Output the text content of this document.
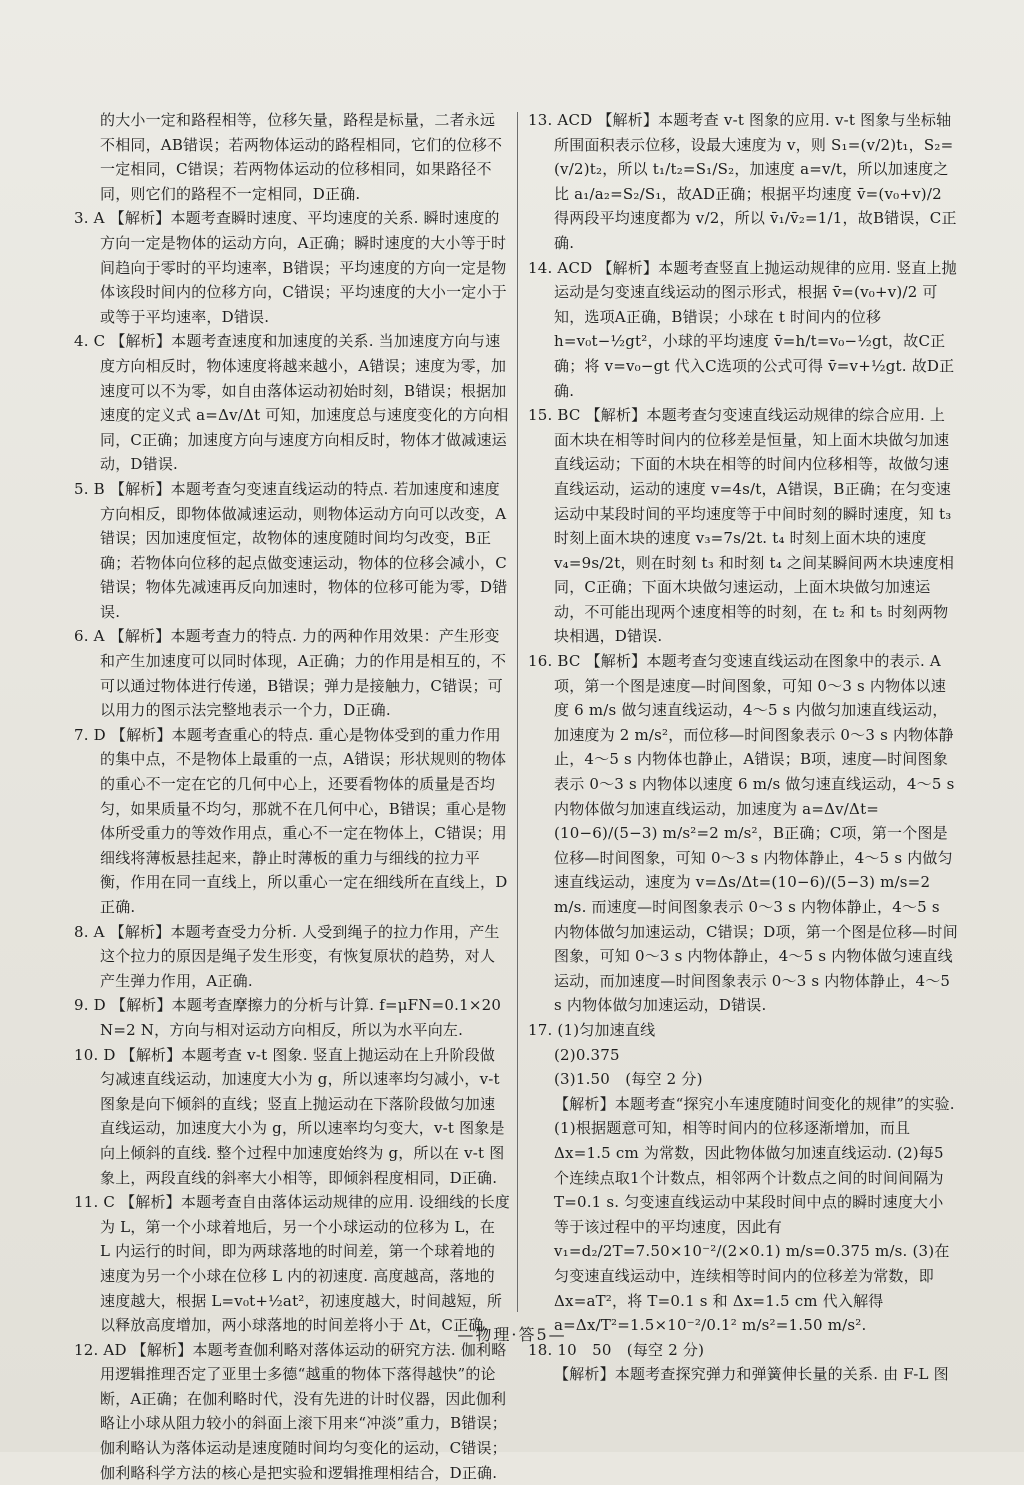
的大小一定和路程相等，位移矢量，路程是标量，二者永远不相同，AB错误；若两物体运动的路程相同，它们的位移不一定相同，C错误；若两物体运动的位移相同，如果路径不同，则它们的路程不一定相同，D正确.

3. A 【解析】本题考查瞬时速度、平均速度的关系. 瞬时速度的方向一定是物体的运动方向，A正确；瞬时速度的大小等于时间趋向于零时的平均速率，B错误；平均速度的方向一定是物体该段时间内的位移方向，C错误；平均速度的大小一定小于或等于平均速率，D错误.

4. C 【解析】本题考查速度和加速度的关系. 当加速度方向与速度方向相反时，物体速度将越来越小，A错误；速度为零，加速度可以不为零，如自由落体运动初始时刻，B错误；根据加速度的定义式 a=Δv/Δt 可知，加速度总与速度变化的方向相同，C正确；加速度方向与速度方向相反时，物体才做减速运动，D错误.

5. B 【解析】本题考查匀变速直线运动的特点. 若加速度和速度方向相反，即物体做减速运动，则物体运动方向可以改变，A错误；因加速度恒定，故物体的速度随时间均匀改变，B正确；若物体向位移的起点做变速运动，物体的位移会减小，C错误；物体先减速再反向加速时，物体的位移可能为零，D错误.

6. A 【解析】本题考查力的特点. 力的两种作用效果：产生形变和产生加速度可以同时体现，A正确；力的作用是相互的，不可以通过物体进行传递，B错误；弹力是接触力，C错误；可以用力的图示法完整地表示一个力，D正确.

7. D 【解析】本题考查重心的特点. 重心是物体受到的重力作用的集中点，不是物体上最重的一点，A错误；形状规则的物体的重心不一定在它的几何中心上，还要看物体的质量是否均匀，如果质量不均匀，那就不在几何中心，B错误；重心是物体所受重力的等效作用点，重心不一定在物体上，C错误；用细线将薄板悬挂起来，静止时薄板的重力与细线的拉力平衡，作用在同一直线上，所以重心一定在细线所在直线上，D正确.

8. A 【解析】本题考查受力分析. 人受到绳子的拉力作用，产生这个拉力的原因是绳子发生形变，有恢复原状的趋势，对人产生弹力作用，A正确.

9. D 【解析】本题考查摩擦力的分析与计算. f=μFN=0.1×20 N=2 N，方向与相对运动方向相反，所以为水平向左.

10. D 【解析】本题考查 v-t 图象. 竖直上抛运动在上升阶段做匀减速直线运动，加速度大小为 g，所以速率均匀减小，v-t 图象是向下倾斜的直线；竖直上抛运动在下落阶段做匀加速直线运动，加速度大小为 g，所以速率均匀变大，v-t 图象是向上倾斜的直线. 整个过程中加速度始终为 g，所以在 v-t 图象上，两段直线的斜率大小相等，即倾斜程度相同，D正确.

11. C 【解析】本题考查自由落体运动规律的应用. 设细线的长度为 L，第一个小球着地后，另一个小球运动的位移为 L，在 L 内运行的时间，即为两球落地的时间差，第一个球着地的速度为另一个小球在位移 L 内的初速度. 高度越高，落地的速度越大，根据 L=v₀t+½at²，初速度越大，时间越短，所以释放高度增加，两小球落地的时间差将小于 Δt，C正确.

12. AD 【解析】本题考查伽利略对落体运动的研究方法. 伽利略用逻辑推理否定了亚里士多德“越重的物体下落得越快”的论断，A正确；在伽利略时代，没有先进的计时仪器，因此伽利略让小球从阻力较小的斜面上滚下用来“冲淡”重力，B错误；伽利略认为落体运动是速度随时间均匀变化的运动，C错误；伽利略科学方法的核心是把实验和逻辑推理相结合，D正确.

13. ACD 【解析】本题考查 v-t 图象的应用. v-t 图象与坐标轴所围面积表示位移，设最大速度为 v，则 S₁=(v/2)t₁，S₂=(v/2)t₂，所以 t₁/t₂=S₁/S₂，加速度 a=v/t，所以加速度之比 a₁/a₂=S₂/S₁，故AD正确；根据平均速度 v̄=(v₀+v)/2 得两段平均速度都为 v/2，所以 v̄₁/v̄₂=1/1，故B错误，C正确.

14. ACD 【解析】本题考查竖直上抛运动规律的应用. 竖直上抛运动是匀变速直线运动的图示形式，根据 v̄=(v₀+v)/2 可知，选项A正确，B错误；小球在 t 时间内的位移 h=v₀t−½gt²，小球的平均速度 v̄=h/t=v₀−½gt，故C正确；将 v=v₀−gt 代入C选项的公式可得 v̄=v+½gt. 故D正确.

15. BC 【解析】本题考查匀变速直线运动规律的综合应用. 上面木块在相等时间内的位移差是恒量，知上面木块做匀加速直线运动；下面的木块在相等的时间内位移相等，故做匀速直线运动，运动的速度 v=4s/t，A错误，B正确；在匀变速运动中某段时间的平均速度等于中间时刻的瞬时速度，知 t₃ 时刻上面木块的速度 v₃=7s/2t. t₄ 时刻上面木块的速度 v₄=9s/2t，则在时刻 t₃ 和时刻 t₄ 之间某瞬间两木块速度相同，C正确；下面木块做匀速运动，上面木块做匀加速运动，不可能出现两个速度相等的时刻，在 t₂ 和 t₅ 时刻两物块相遇，D错误.

16. BC 【解析】本题考查匀变速直线运动在图象中的表示. A项，第一个图是速度—时间图象，可知 0～3 s 内物体以速度 6 m/s 做匀速直线运动，4～5 s 内做匀加速直线运动，加速度为 2 m/s²，而位移—时间图象表示 0～3 s 内物体静止，4～5 s 内物体也静止，A错误；B项，速度—时间图象表示 0～3 s 内物体以速度 6 m/s 做匀速直线运动，4～5 s 内物体做匀加速直线运动，加速度为 a=Δv/Δt=(10−6)/(5−3) m/s²=2 m/s²，B正确；C项，第一个图是位移—时间图象，可知 0～3 s 内物体静止，4～5 s 内做匀速直线运动，速度为 v=Δs/Δt=(10−6)/(5−3) m/s=2 m/s. 而速度—时间图象表示 0～3 s 内物体静止，4～5 s 内物体做匀加速运动，C错误；D项，第一个图是位移—时间图象，可知 0～3 s 内物体静止，4～5 s 内物体做匀速直线运动，而加速度—时间图象表示 0～3 s 内物体静止，4～5 s 内物体做匀加速运动，D错误.

17. (1)匀加速直线

(2)0.375

(3)1.50　(每空 2 分)

【解析】本题考查“探究小车速度随时间变化的规律”的实验. (1)根据题意可知，相等时间内的位移逐渐增加，而且 Δx=1.5 cm 为常数，因此物体做匀加速直线运动. (2)每5个连续点取1个计数点，相邻两个计数点之间的时间间隔为 T=0.1 s. 匀变速直线运动中某段时间中点的瞬时速度大小等于该过程中的平均速度，因此有 v₁=d₂/2T=7.50×10⁻²/(2×0.1) m/s=0.375 m/s. (3)在匀变速直线运动中，连续相等时间内的位移差为常数，即 Δx=aT²，将 T=0.1 s 和 Δx=1.5 cm 代入解得 a=Δx/T²=1.5×10⁻²/0.1² m/s²=1.50 m/s².

18. 10　50　(每空 2 分)

【解析】本题考查探究弹力和弹簧伸长量的关系. 由 F-L 图

—物理·答5—
